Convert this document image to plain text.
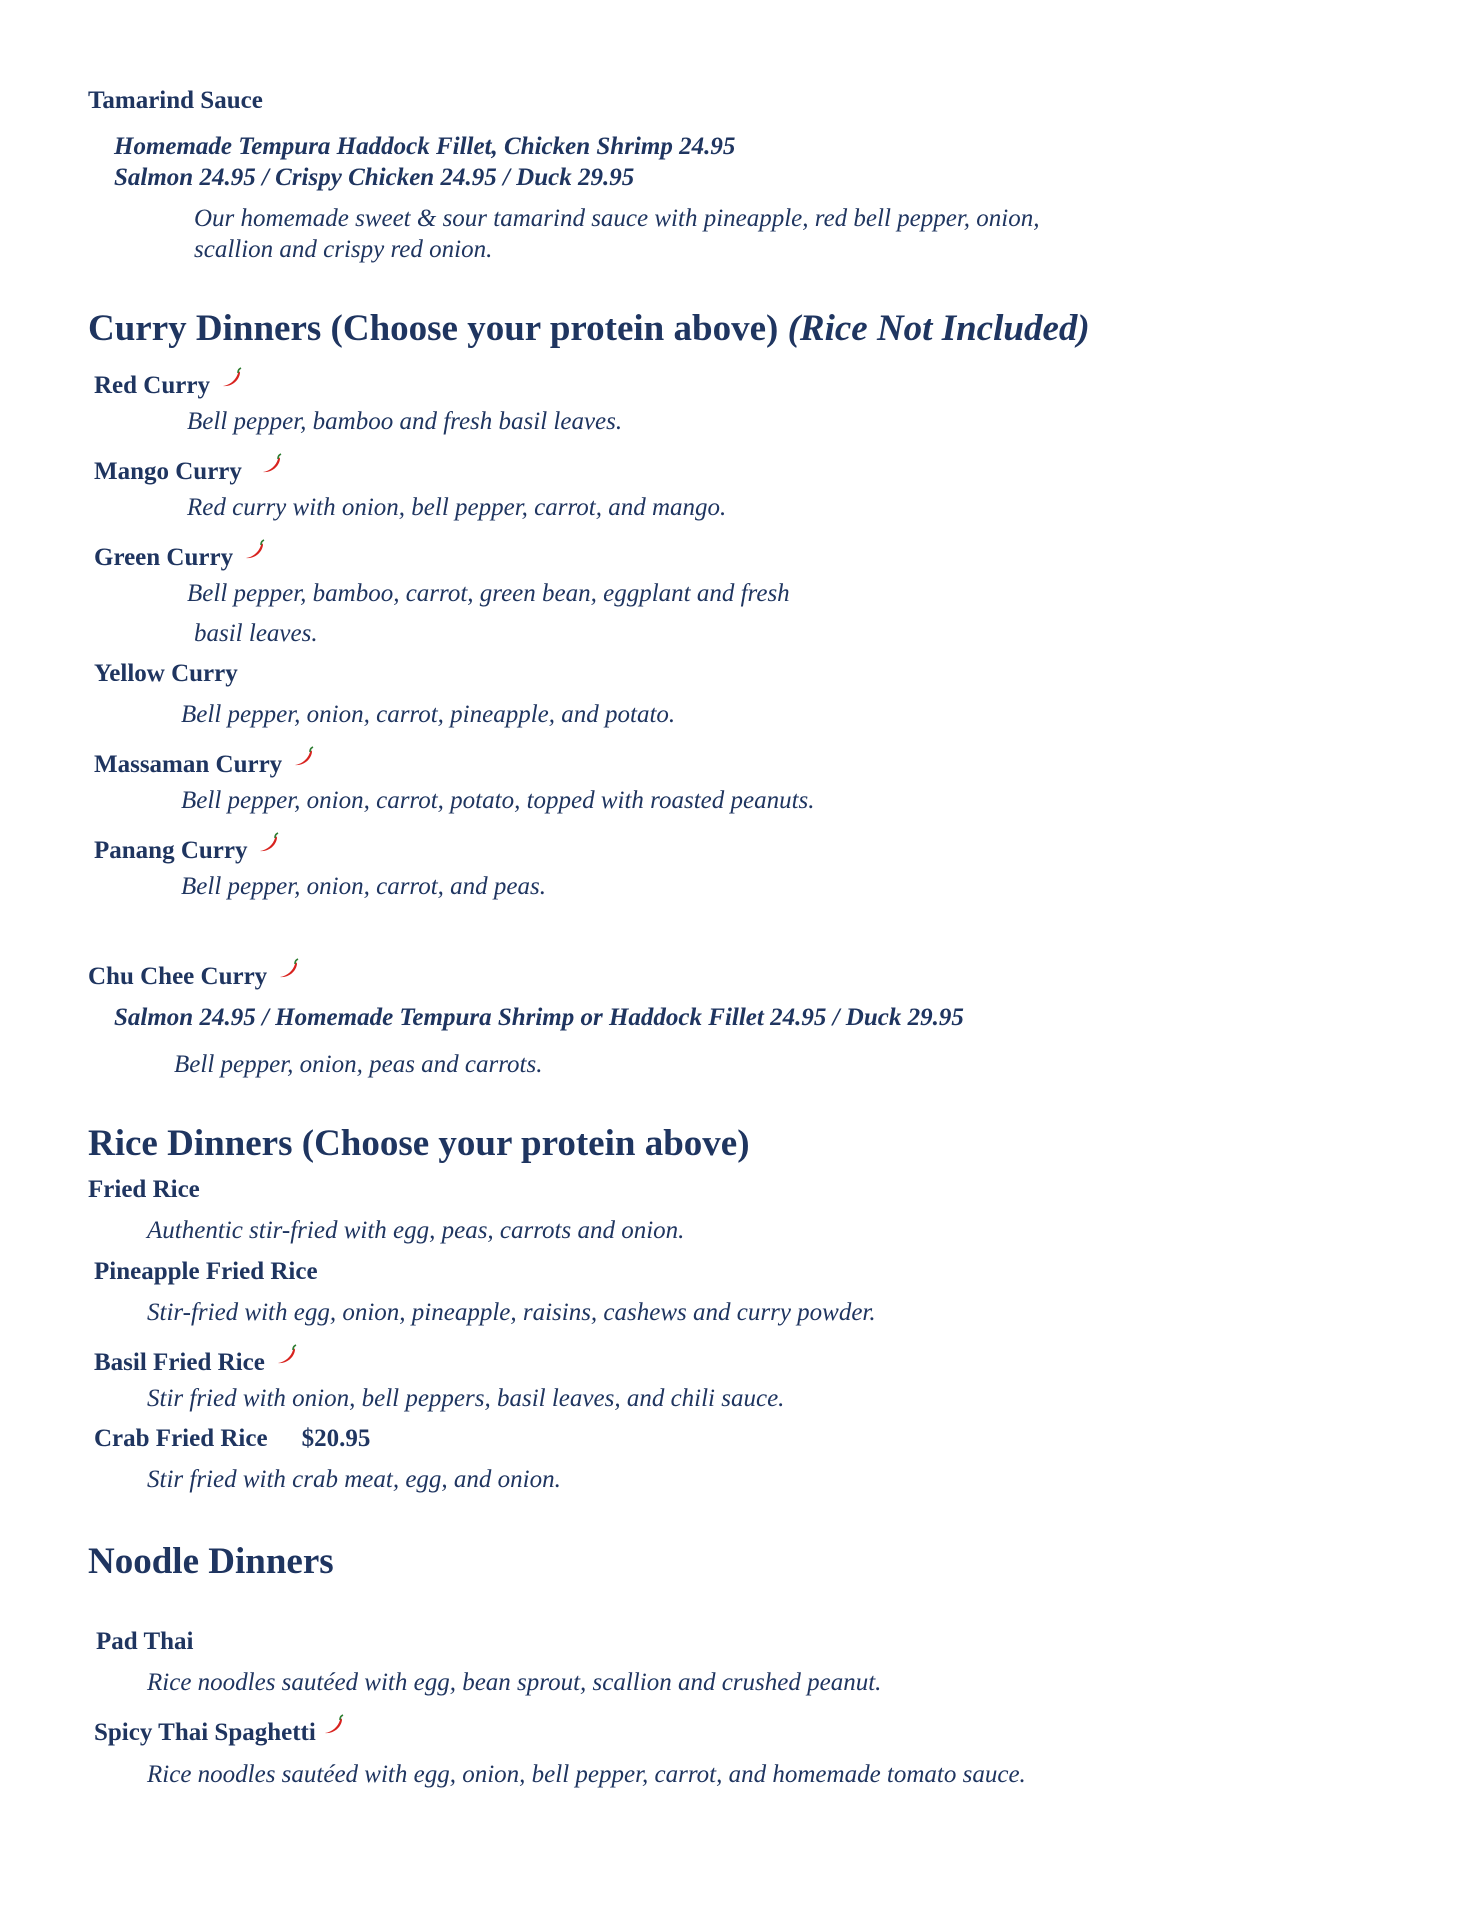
Tamarind Sauce
Homemade Tempura Haddock Fillet, Chicken Shrimp 24.95
Salmon 24.95 / Crispy Chicken 24.95 / Duck 29.95
Our homemade sweet & sour tamarind sauce with pineapple, red bell pepper, onion,
scallion and crispy red onion.
Curry Dinners (Choose your protein above) (Rice Not Included)
Red Curry
Bell pepper, bamboo and fresh basil leaves.
Mango Curry
Red curry with onion, bell pepper, carrot, and mango.
Green Curry
Bell pepper, bamboo, carrot, green bean, eggplant and fresh
basil leaves.
Yellow Curry
Bell pepper, onion, carrot, pineapple, and potato.
Massaman Curry
Bell pepper, onion, carrot, potato, topped with roasted peanuts.
Panang Curry
Bell pepper, onion, carrot, and peas.
Chu Chee Curry
Salmon 24.95 / Homemade Tempura Shrimp or Haddock Fillet 24.95 / Duck 29.95
Bell pepper, onion, peas and carrots.
Rice Dinners (Choose your protein above)
Fried Rice
Authentic stir-fried with egg, peas, carrots and onion.
Pineapple Fried Rice
Stir-fried with egg, onion, pineapple, raisins, cashews and curry powder.
Basil Fried Rice
Stir fried with onion, bell peppers, basil leaves, and chili sauce.
Crab Fried Rice $20.95
Stir fried with crab meat, egg, and onion.
Noodle Dinners
Pad Thai
Rice noodles sautéed with egg, bean sprout, scallion and crushed peanut.
Spicy Thai Spaghetti
Rice noodles sautéed with egg, onion, bell pepper, carrot, and homemade tomato sauce.
